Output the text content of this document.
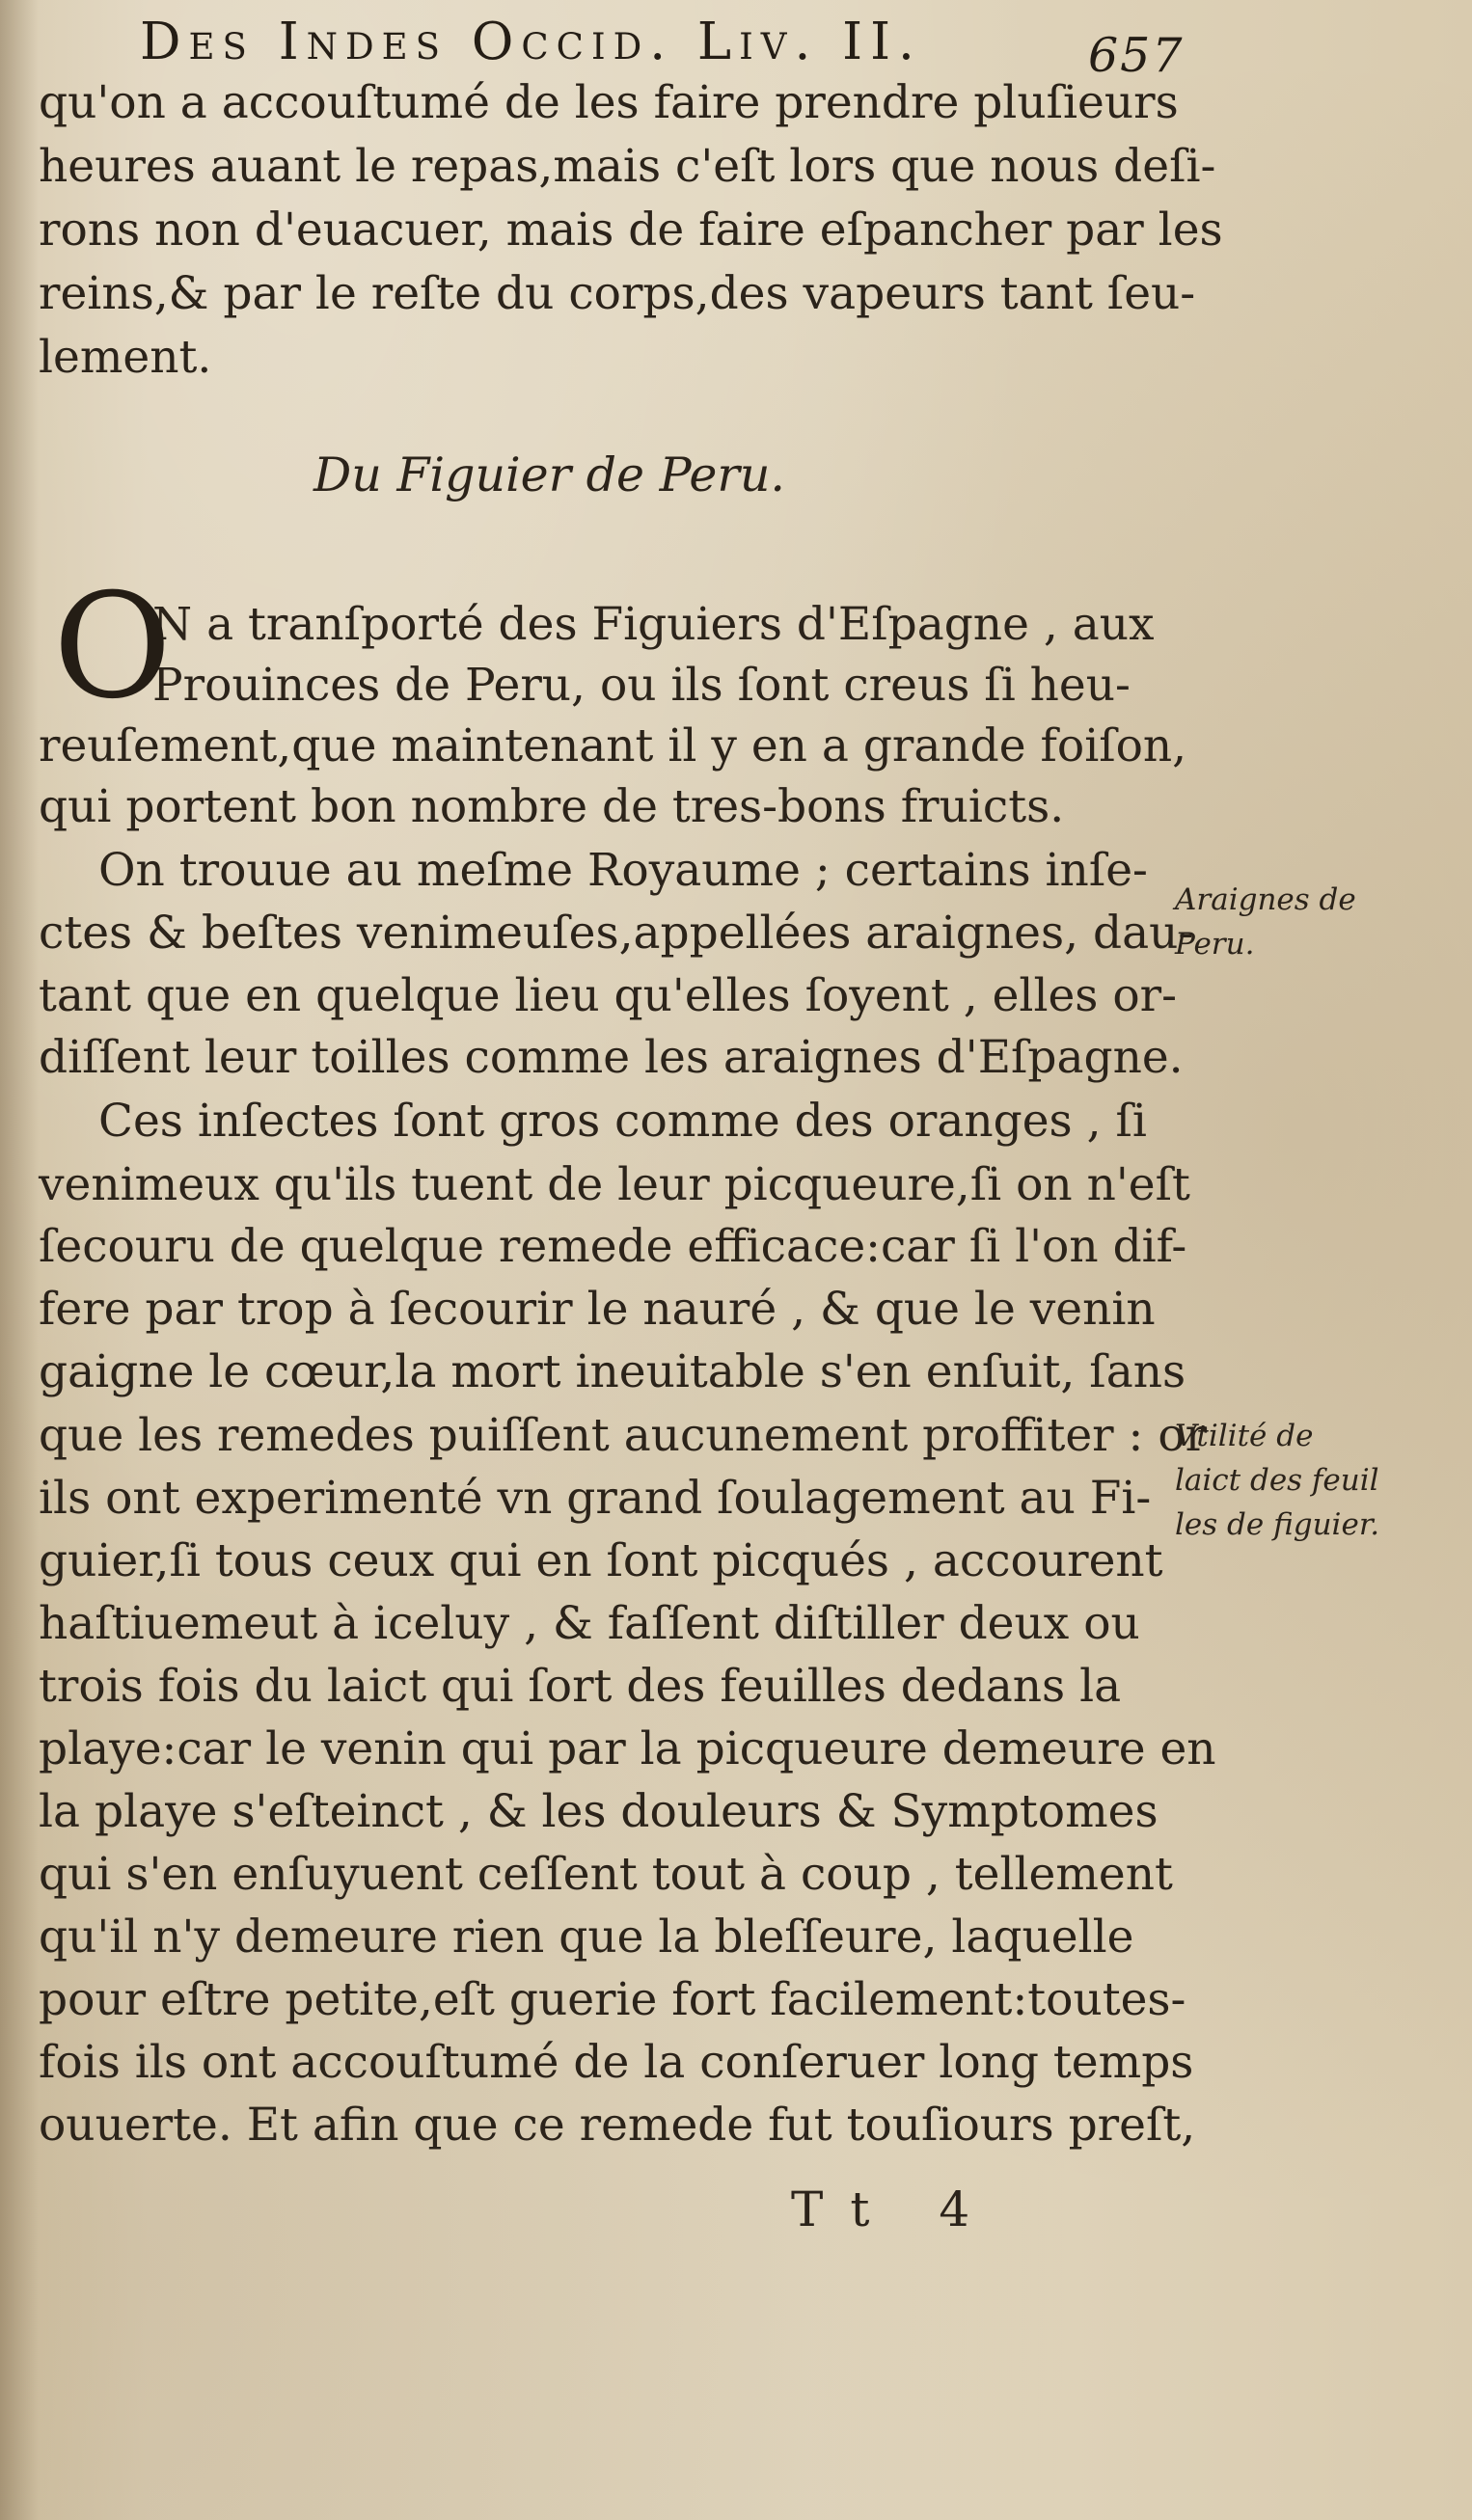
Des Indes Occid. Liv. II.	657
qu'on a accouſtumé de les faire prendre pluſieurs
heures auant le repas,mais c'eſt lors que nous deſi-
rons non d'euacuer, mais de faire eſpancher par les
reins,& par le reſte du corps,des vapeurs tant ſeu-
lement.
N a tranſporté des Figuiers d'Eſpagne , aux
Prouinces de Peru, ou ils ſont creus ſi heu-
reuſement,que maintenant il y en a grande foiſon,
qui portent bon nombre de tres-bons fruicts.
On trouue au meſme Royaume ; certains inſe-
ctes & beſtes venimeuſes,appellées araignes, dau-
tant que en quelque lieu qu'elles ſoyent , elles or-
diſſent leur toilles comme les araignes d'Eſpagne.
Ces inſectes ſont gros comme des oranges , ſi
venimeux qu'ils tuent de leur picqueure,ſi on n'eſt
ſecouru de quelque remede efficace:car ſi l'on dif-
fere par trop à ſecourir le nauré , & que le venin
gaigne le cœur,la mort ineuitable s'en enſuit, ſans
que les remedes puiſſent aucunement proffiter : or
ils ont experimenté vn grand ſoulagement au Fi-
guier,ſi tous ceux qui en ſont picqués , accourent
haſtiuemeut à iceluy , & faſſent diſtiller deux ou
trois fois du laict qui ſort des feuilles dedans la
playe:car le venin qui par la picqueure demeure en
la playe s'eſteinct , & les douleurs & Symptomes
qui s'en enſuyuent ceſſent tout à coup , tellement
qu'il n'y demeure rien que la bleſſeure, laquelle
pour eſtre petite,eſt guerie fort facilement:toutes-
fois ils ont accouſtumé de la conſeruer long temps
ouuerte. Et afin que ce remede fut touſiours preſt,
Du Figuier de Peru.
O
Araignes de
Peru.
Vtilité de
laict des feuil
les de figuier.
Tt 4
